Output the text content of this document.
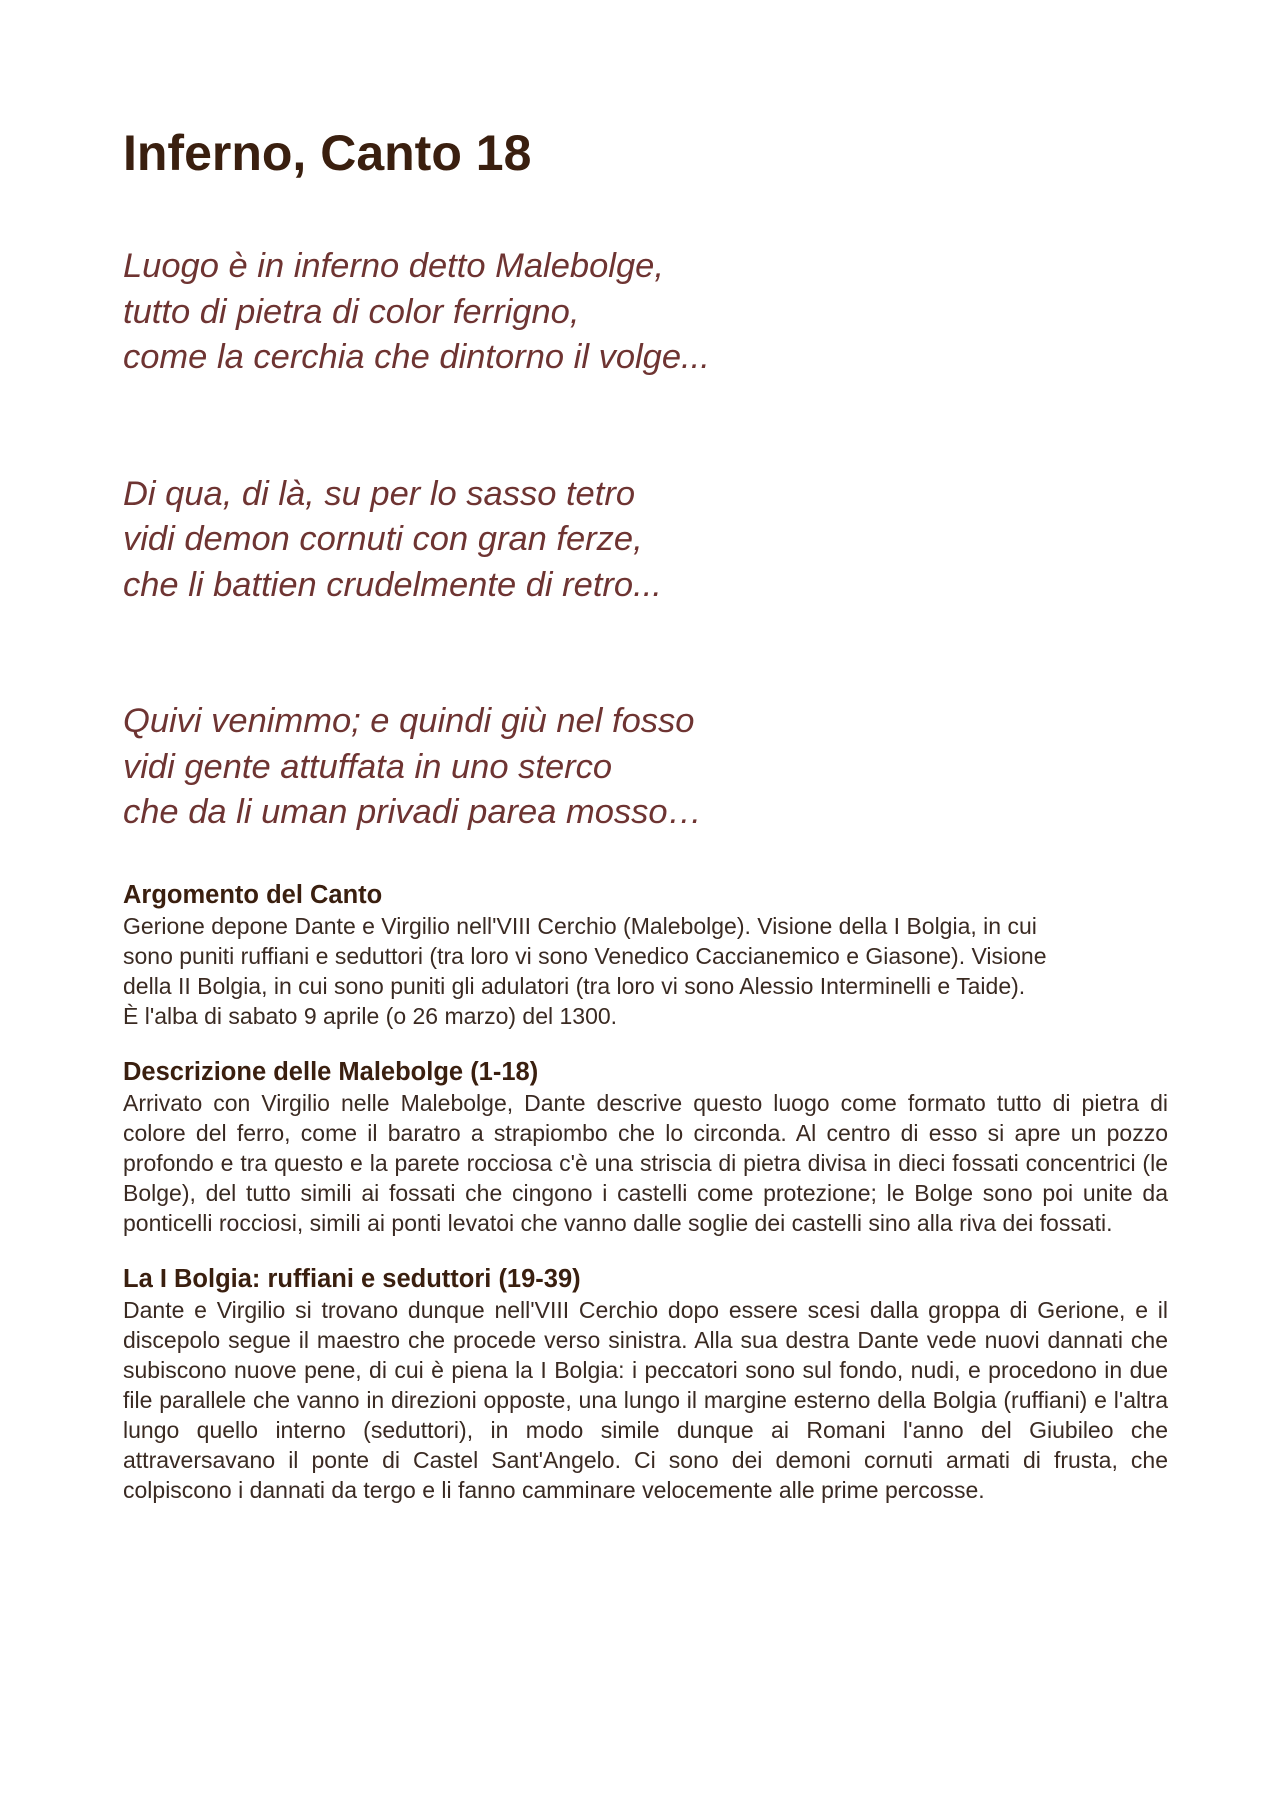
Inferno, Canto 18

Luogo è in inferno detto Malebolge,
tutto di pietra di color ferrigno,
come la cerchia che dintorno il volge...

Di qua, di là, su per lo sasso tetro
vidi demon cornuti con gran ferze,
che li battien crudelmente di retro...

Quivi venimmo; e quindi giù nel fosso
vidi gente attuffata in uno sterco
che da li uman privadi parea mosso…

Argomento del Canto

Gerione depone Dante e Virgilio nell'VIII Cerchio (Malebolge). Visione della I Bolgia, in cui
sono puniti ruffiani e seduttori (tra loro vi sono Venedico Caccianemico e Giasone). Visione
della II Bolgia, in cui sono puniti gli adulatori (tra loro vi sono Alessio Interminelli e Taide).
È l'alba di sabato 9 aprile (o 26 marzo) del 1300.

Descrizione delle Malebolge (1-18)

Arrivato con Virgilio nelle Malebolge, Dante descrive questo luogo come formato tutto di pietra di colore del ferro, come il baratro a strapiombo che lo circonda. Al centro di esso si apre un pozzo profondo e tra questo e la parete rocciosa c'è una striscia di pietra divisa in dieci fossati concentrici (le Bolge), del tutto simili ai fossati che cingono i castelli come protezione; le Bolge sono poi unite da ponticelli rocciosi, simili ai ponti levatoi che vanno dalle soglie dei castelli sino alla riva dei fossati.

La I Bolgia: ruffiani e seduttori (19-39)

Dante e Virgilio si trovano dunque nell'VIII Cerchio dopo essere scesi dalla groppa di Gerione, e il discepolo segue il maestro che procede verso sinistra. Alla sua destra Dante vede nuovi dannati che subiscono nuove pene, di cui è piena la I Bolgia: i peccatori sono sul fondo, nudi, e procedono in due file parallele che vanno in direzioni opposte, una lungo il margine esterno della Bolgia (ruffiani) e l'altra lungo quello interno (seduttori), in modo simile dunque ai Romani l'anno del Giubileo che attraversavano il ponte di Castel Sant'Angelo. Ci sono dei demoni cornuti armati di frusta, che colpiscono i dannati da tergo e li fanno camminare velocemente alle prime percosse.
